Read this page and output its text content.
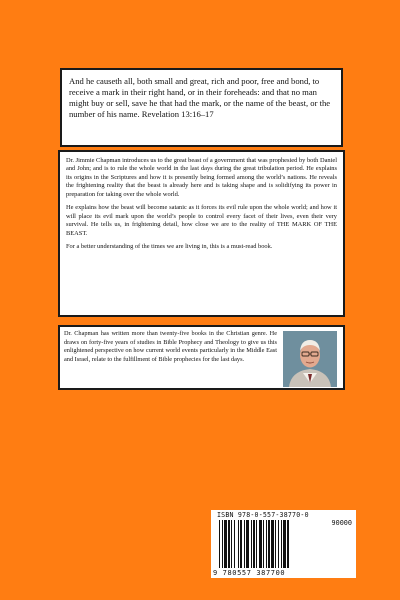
And he causeth all, both small and great, rich and poor, free and bond, to receive a mark in their right hand, or in their foreheads: and that no man might buy or sell, save he that had the mark, or the name of the beast, or the number of his name. Revelation 13:16–17

Dr. Jimmie Chapman introduces us to the great beast of a government that was prophesied by both Daniel and John; and is to rule the whole world in the last days during the great tribulation period. He explains its origins in the Scriptures and how it is presently being formed among the world’s nations. He reveals the frightening reality that the beast is already here and is taking shape and is solidifying its power in preparation for taking over the whole world.

He explains how the beast will become satanic as it forces its evil rule upon the whole world; and how it will place its evil mark upon the world’s people to control every facet of their lives, even their very survival. He tells us, in frightening detail, how close we are to the reality of THE MARK OF THE BEAST.

For a better understanding of the times we are living in, this is a must-read book.

Dr. Chapman has written more than twenty-five books in the Christian genre. He draws on forty-five years of studies in Bible Prophecy and Theology to give us this enlightened perspective on how current world events particularly in the Middle East and Israel, relate to the fulfillment of Bible prophecies for the last days.

ISBN 978-0-557-38770-0
90000
9 780557 387700
